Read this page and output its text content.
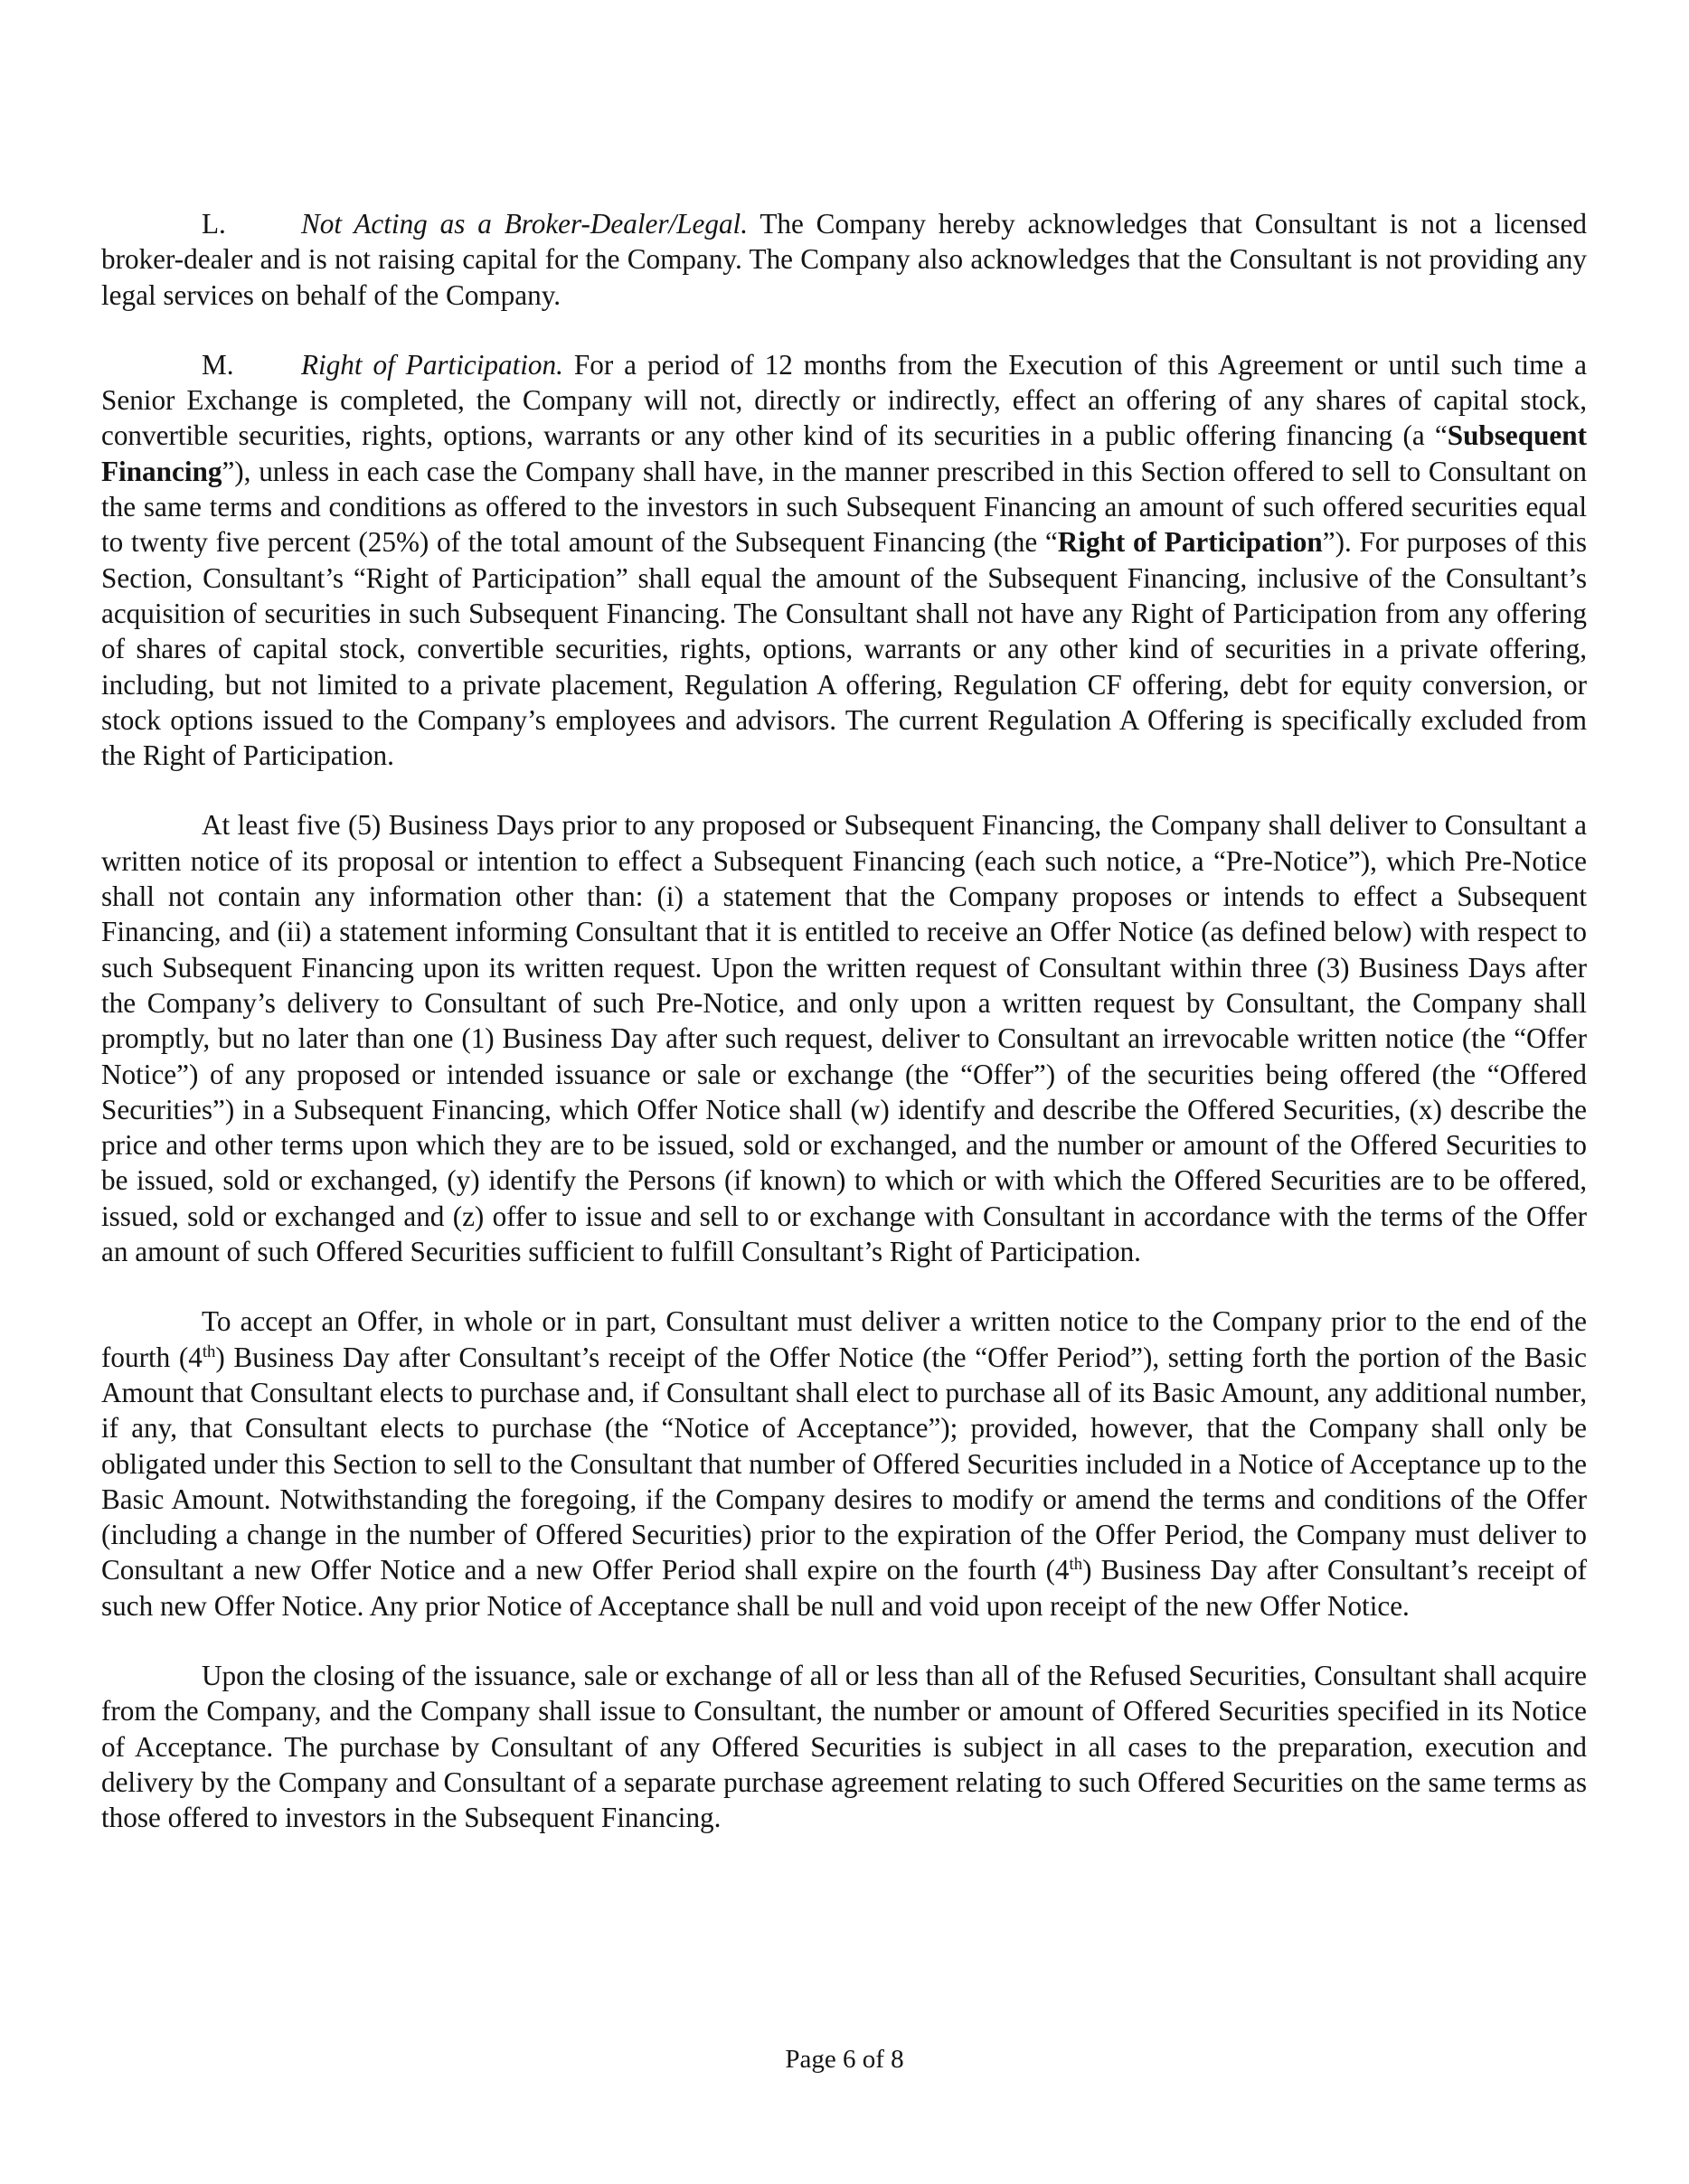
L.	Not Acting as a Broker-Dealer/Legal. The Company hereby acknowledges that Consultant is not a licensed broker-dealer and is not raising capital for the Company. The Company also acknowledges that the Consultant is not providing any legal services on behalf of the Company.

M. Right of Participation. For a period of 12 months from the Execution of this Agreement or until such time a Senior Exchange is completed, the Company will not, directly or indirectly, effect an offering of any shares of capital stock, convertible securities, rights, options, warrants or any other kind of its securities in a public offering financing (a “Subsequent Financing”), unless in each case the Company shall have, in the manner prescribed in this Section offered to sell to Consultant on the same terms and conditions as offered to the investors in such Subsequent Financing an amount of such offered securities equal to twenty five percent (25%) of the total amount of the Subsequent Financing (the “Right of Participation”). For purposes of this Section, Consultant’s “Right of Participation” shall equal the amount of the Subsequent Financing, inclusive of the Consultant’s acquisition of securities in such Subsequent Financing. The Consultant shall not have any Right of Participation from any offering of shares of capital stock, convertible securities, rights, options, warrants or any other kind of securities in a private offering, including, but not limited to a private placement, Regulation A offering, Regulation CF offering, debt for equity conversion, or stock options issued to the Company’s employees and advisors. The current Regulation A Offering is specifically excluded from the Right of Participation.

At least five (5) Business Days prior to any proposed or Subsequent Financing, the Company shall deliver to Consultant a written notice of its proposal or intention to effect a Subsequent Financing (each such notice, a “Pre-Notice”), which Pre-Notice shall not contain any information other than: (i) a statement that the Company proposes or intends to effect a Subsequent Financing, and (ii) a statement informing Consultant that it is entitled to receive an Offer Notice (as defined below) with respect to such Subsequent Financing upon its written request. Upon the written request of Consultant within three (3) Business Days after the Company’s delivery to Consultant of such Pre-Notice, and only upon a written request by Consultant, the Company shall promptly, but no later than one (1) Business Day after such request, deliver to Consultant an irrevocable written notice (the “Offer Notice”) of any proposed or intended issuance or sale or exchange (the “Offer”) of the securities being offered (the “Offered Securities”) in a Subsequent Financing, which Offer Notice shall (w) identify and describe the Offered Securities, (x) describe the price and other terms upon which they are to be issued, sold or exchanged, and the number or amount of the Offered Securities to be issued, sold or exchanged, (y) identify the Persons (if known) to which or with which the Offered Securities are to be offered, issued, sold or exchanged and (z) offer to issue and sell to or exchange with Consultant in accordance with the terms of the Offer an amount of such Offered Securities sufficient to fulfill Consultant’s Right of Participation.

To accept an Offer, in whole or in part, Consultant must deliver a written notice to the Company prior to the end of the fourth (4th) Business Day after Consultant’s receipt of the Offer Notice (the “Offer Period”), setting forth the portion of the Basic Amount that Consultant elects to purchase and, if Consultant shall elect to purchase all of its Basic Amount, any additional number, if any, that Consultant elects to purchase (the “Notice of Acceptance”); provided, however, that the Company shall only be obligated under this Section to sell to the Consultant that number of Offered Securities included in a Notice of Acceptance up to the Basic Amount. Notwithstanding the foregoing, if the Company desires to modify or amend the terms and conditions of the Offer (including a change in the number of Offered Securities) prior to the expiration of the Offer Period, the Company must deliver to Consultant a new Offer Notice and a new Offer Period shall expire on the fourth (4th) Business Day after Consultant’s receipt of such new Offer Notice. Any prior Notice of Acceptance shall be null and void upon receipt of the new Offer Notice.

Upon the closing of the issuance, sale or exchange of all or less than all of the Refused Securities, Consultant shall acquire from the Company, and the Company shall issue to Consultant, the number or amount of Offered Securities specified in its Notice of Acceptance. The purchase by Consultant of any Offered Securities is subject in all cases to the preparation, execution and delivery by the Company and Consultant of a separate purchase agreement relating to such Offered Securities on the same terms as those offered to investors in the Subsequent Financing.

Page 6 of 8
